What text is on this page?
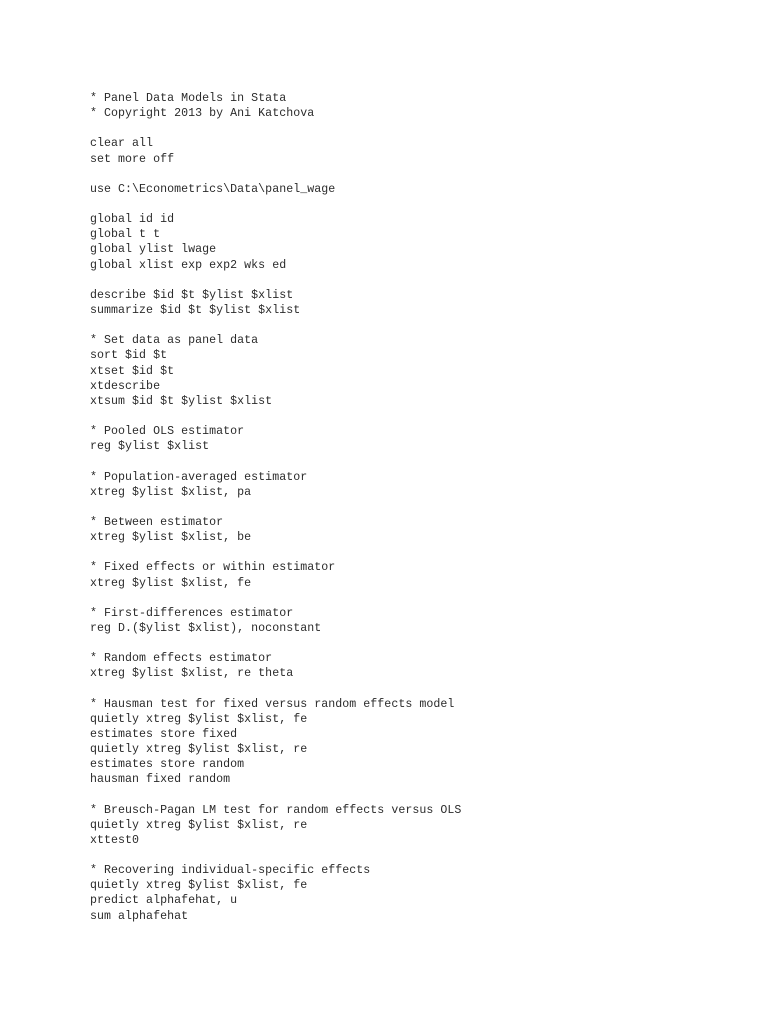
* Panel Data Models in Stata
* Copyright 2013 by Ani Katchova
clear all
set more off
use C:\Econometrics\Data\panel_wage
global id id
global t t
global ylist lwage
global xlist exp exp2 wks ed
describe $id $t $ylist $xlist
summarize $id $t $ylist $xlist
* Set data as panel data
sort $id $t
xtset $id $t
xtdescribe
xtsum $id $t $ylist $xlist
* Pooled OLS estimator
reg $ylist $xlist
* Population-averaged estimator
xtreg $ylist $xlist, pa
* Between estimator
xtreg $ylist $xlist, be
* Fixed effects or within estimator
xtreg $ylist $xlist, fe
* First-differences estimator
reg D.($ylist $xlist), noconstant
* Random effects estimator
xtreg $ylist $xlist, re theta
* Hausman test for fixed versus random effects model
quietly xtreg $ylist $xlist, fe
estimates store fixed
quietly xtreg $ylist $xlist, re
estimates store random
hausman fixed random
* Breusch-Pagan LM test for random effects versus OLS
quietly xtreg $ylist $xlist, re
xttest0
* Recovering individual-specific effects
quietly xtreg $ylist $xlist, fe
predict alphafehat, u
sum alphafehat
